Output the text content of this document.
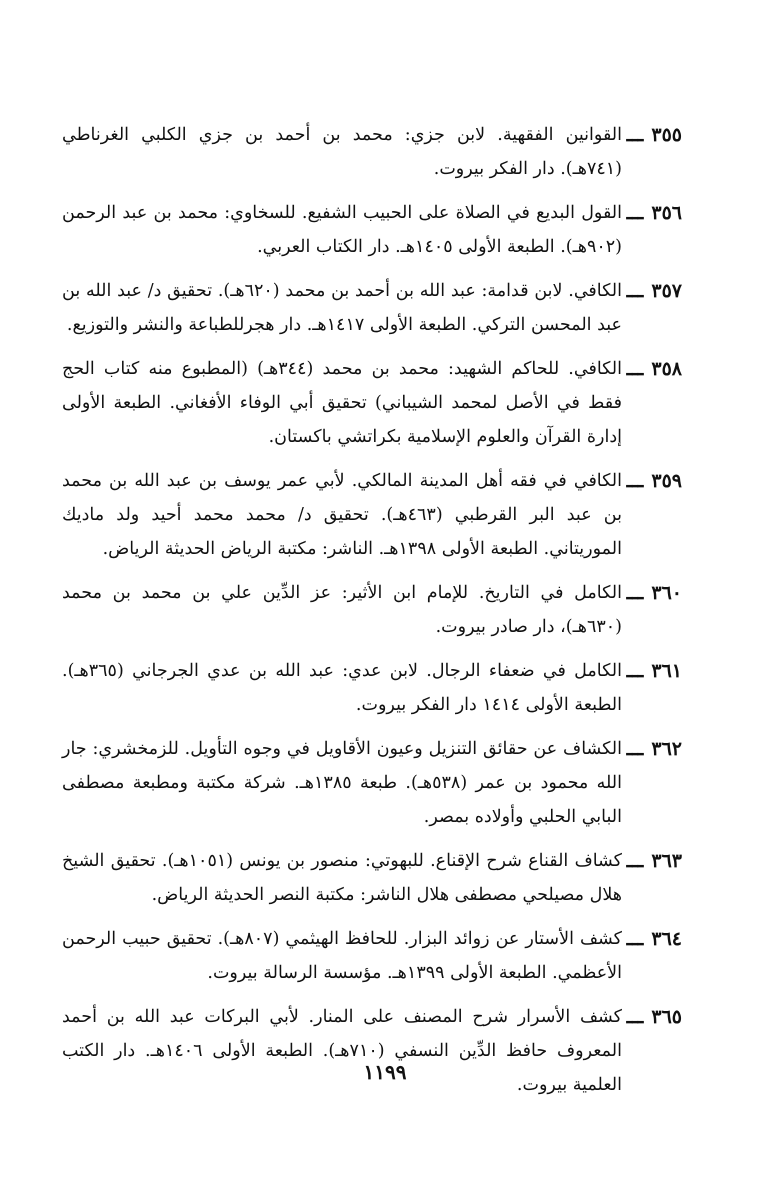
٣٥٥
ـــ
القوانين الفقهية. لابن جزي: محمد بن أحمد بن جزي الكلبي الغرناطي (٧٤١هـ). دار الفكر بيروت.
٣٥٦
ـــ
القول البديع في الصلاة على الحبيب الشفيع. للسخاوي: محمد بن عبد الرحمن (٩٠٢هـ). الطبعة الأولى ١٤٠٥هـ. دار الكتاب العربي.
٣٥٧
ـــ
الكافي. لابن قدامة: عبد الله بن أحمد بن محمد (٦٢٠هـ). تحقيق د/ عبد الله بن عبد المحسن التركي. الطبعة الأولى ١٤١٧هـ. دار هجرللطباعة والنشر والتوزيع.
٣٥٨
ـــ
الكافي. للحاكم الشهيد: محمد بن محمد (٣٤٤هـ) (المطبوع منه كتاب الحج فقط في الأصل لمحمد الشيباني) تحقيق أبي الوفاء الأفغاني. الطبعة الأولى إدارة القرآن والعلوم الإسلامية بكراتشي باكستان.
٣٥٩
ـــ
الكافي في فقه أهل المدينة المالكي. لأبي عمر يوسف بن عبد الله بن محمد بن عبد البر القرطبي (٤٦٣هـ). تحقيق د/ محمد محمد أحيد ولد ماديك الموريتاني. الطبعة الأولى ١٣٩٨هـ. الناشر: مكتبة الرياض الحديثة الرياض.
٣٦٠
ـــ
الكامل في التاريخ. للإمام ابن الأثير: عز الدِّين علي بن محمد بن محمد (٦٣٠هـ)، دار صادر بيروت.
٣٦١
ـــ
الكامل في ضعفاء الرجال. لابن عدي: عبد الله بن عدي الجرجاني (٣٦٥هـ). الطبعة الأولى ١٤١٤ دار الفكر بيروت.
٣٦٢
ـــ
الكشاف عن حقائق التنزيل وعيون الأقاويل في وجوه التأويل. للزمخشري: جار الله محمود بن عمر (٥٣٨هـ). طبعة ١٣٨٥هـ. شركة مكتبة ومطبعة مصطفى البابي الحلبي وأولاده بمصر.
٣٦٣
ـــ
كشاف القناع شرح الإقناع. للبهوتي: منصور بن يونس (١٠٥١هـ). تحقيق الشيخ هلال مصيلحي مصطفى هلال الناشر: مكتبة النصر الحديثة الرياض.
٣٦٤
ـــ
كشف الأستار عن زوائد البزار. للحافظ الهيثمي (٨٠٧هـ). تحقيق حبيب الرحمن الأعظمي. الطبعة الأولى ١٣٩٩هـ. مؤسسة الرسالة بيروت.
٣٦٥
ـــ
كشف الأسرار شرح المصنف على المنار. لأبي البركات عبد الله بن أحمد المعروف حافظ الدِّين النسفي (٧١٠هـ). الطبعة الأولى ١٤٠٦هـ. دار الكتب العلمية بيروت.
١١٩٩
